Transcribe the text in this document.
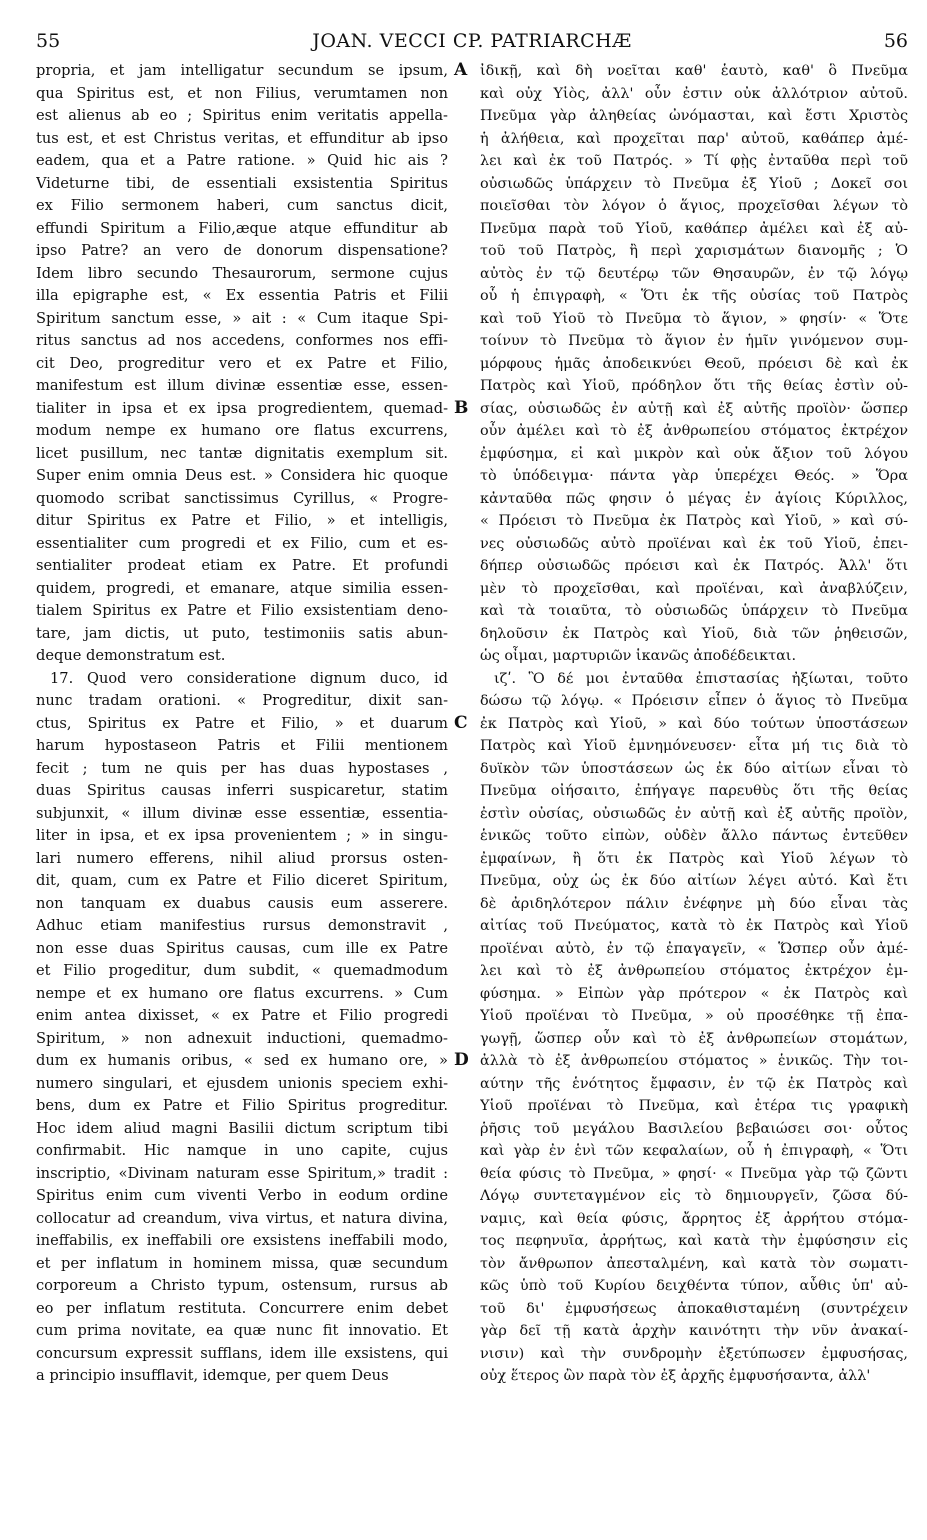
55	JOAN. VECCI CP. PATRIARCHÆ	56

propria, et jam intelligatur secundum se ipsum,

qua Spiritus est, et non Filius, verumtamen non

est alienus ab eo ; Spiritus enim veritatis appella-

tus est, et est Christus veritas, et effunditur ab ipso

eadem, qua et a Patre ratione. » Quid hic ais ?

Videturne tibi, de essentiali exsistentia Spiritus

ex Filio sermonem haberi, cum sanctus dicit,

effundi Spiritum a Filio,æque atque effunditur ab

ipso Patre? an vero de donorum dispensatione?

Idem libro secundo Thesaurorum, sermone cujus

illa epigraphe est, « Ex essentia Patris et Filii

Spiritum sanctum esse, » ait : « Cum itaque Spi-

ritus sanctus ad nos accedens, conformes nos effi-

cit Deo, progreditur vero et ex Patre et Filio,

manifestum est illum divinæ essentiæ esse, essen-

tialiter in ipsa et ex ipsa progredientem, quemad-

modum nempe ex humano ore flatus excurrens,

licet pusillum, nec tantæ dignitatis exemplum sit.

Super enim omnia Deus est. » Considera hic quoque

quomodo scribat sanctissimus Cyrillus, « Progre-

ditur Spiritus ex Patre et Filio, » et intelligis,

essentialiter cum progredi et ex Filio, cum et es-

sentialiter prodeat etiam ex Patre. Et profundi

quidem, progredi, et emanare, atque similia essen-

tialem Spiritus ex Patre et Filio exsistentiam deno-

tare, jam dictis, ut puto, testimoniis satis abun-

deque demonstratum est.

17. Quod vero consideratione dignum duco, id

nunc tradam orationi. « Progreditur, dixit san-

ctus, Spiritus ex Patre et Filio, » et duarum

harum hypostaseon Patris et Filii mentionem

fecit ; tum ne quis per has duas hypostases ,

duas Spiritus causas inferri suspicaretur, statim

subjunxit, « illum divinæ esse essentiæ, essentia-

liter in ipsa, et ex ipsa provenientem ; » in singu-

lari numero efferens, nihil aliud prorsus osten-

dit, quam, cum ex Patre et Filio diceret Spiritum,

non tanquam ex duabus causis eum asserere.

Adhuc etiam manifestius rursus demonstravit ,

non esse duas Spiritus causas, cum ille ex Patre

et Filio progeditur, dum subdit, « quemadmodum

nempe et ex humano ore flatus excurrens. » Cum

enim antea dixisset, « ex Patre et Filio progredi

Spiritum, » non adnexuit inductioni, quemadmo-

dum ex humanis oribus, « sed ex humano ore, »

numero singulari, et ejusdem unionis speciem exhi-

bens, dum ex Patre et Filio Spiritus progreditur.

Hoc idem aliud magni Basilii dictum scriptum tibi

confirmabit. Hic namque in uno capite, cujus

inscriptio, «Divinam naturam esse Spiritum,» tradit :

Spiritus enim cum viventi Verbo in eodum ordine

collocatur ad creandum, viva virtus, et natura divina,

ineffabilis, ex ineffabili ore exsistens ineffabili modo,

et per inflatum in hominem missa, quæ secundum

corporeum a Christo typum, ostensum, rursus ab

eo per inflatum restituta. Concurrere enim debet

cum prima novitate, ea quæ nunc fit innovatio. Et

concursum expressit sufflans, idem ille exsistens, qui

a principio insufflavit, idemque, per quem Deus

A
B
C
D

ἰδικῇ, καὶ δὴ νοεῖται καθ' ἑαυτὸ, καθ' ὃ Πνεῦμα

καὶ οὐχ Υἱὸς, ἀλλ' οὖν ἐστιν οὐκ ἀλλότριον αὐτοῦ.

Πνεῦμα γὰρ ἀληθείας ὠνόμασται, καὶ ἔστι Χριστὸς

ἡ ἀλήθεια, καὶ προχεῖται παρ' αὐτοῦ, καθάπερ ἀμέ-

λει καὶ ἐκ τοῦ Πατρός. » Τί φῂς ἐνταῦθα περὶ τοῦ

οὐσιωδῶς ὑπάρχειν τὸ Πνεῦμα ἐξ Υἱοῦ ; Δοκεῖ σοι

ποιεῖσθαι τὸν λόγον ὁ ἅγιος, προχεῖσθαι λέγων τὸ

Πνεῦμα παρὰ τοῦ Υἱοῦ, καθάπερ ἀμέλει καὶ ἐξ αὐ-

τοῦ τοῦ Πατρὸς, ἢ περὶ χαρισμάτων διανομῆς ; Ὁ

αὐτὸς ἐν τῷ δευτέρῳ τῶν Θησαυρῶν, ἐν τῷ λόγῳ

οὗ ἡ ἐπιγραφὴ, « Ὅτι ἐκ τῆς οὐσίας τοῦ Πατρὸς

καὶ τοῦ Υἱοῦ τὸ Πνεῦμα τὸ ἅγιον, » φησίν· « Ὅτε

τοίνυν τὸ Πνεῦμα τὸ ἅγιον ἐν ἡμῖν γινόμενον συμ-

μόρφους ἡμᾶς ἀποδεικνύει Θεοῦ, πρόεισι δὲ καὶ ἐκ

Πατρὸς καὶ Υἱοῦ, πρόδηλον ὅτι τῆς θείας ἐστὶν οὐ-

σίας, οὐσιωδῶς ἐν αὐτῇ καὶ ἐξ αὐτῆς προϊὸν· ὥσπερ

οὖν ἀμέλει καὶ τὸ ἐξ ἀνθρωπείου στόματος ἐκτρέχον

ἐμφύσημα, εἰ καὶ μικρὸν καὶ οὐκ ἄξιον τοῦ λόγου

τὸ ὑπόδειγμα· πάντα γὰρ ὑπερέχει Θεός. » Ὅρα

κἀνταῦθα πῶς φησιν ὁ μέγας ἐν ἁγίοις Κύριλλος,

« Πρόεισι τὸ Πνεῦμα ἐκ Πατρὸς καὶ Υἱοῦ, » καὶ σύ-

νες οὐσιωδῶς αὐτὸ προϊέναι καὶ ἐκ τοῦ Υἱοῦ, ἐπει-

δήπερ οὐσιωδῶς πρόεισι καὶ ἐκ Πατρός. Ἀλλ' ὅτι

μὲν τὸ προχεῖσθαι, καὶ προϊέναι, καὶ ἀναβλύζειν,

καὶ τὰ τοιαῦτα, τὸ οὐσιωδῶς ὑπάρχειν τὸ Πνεῦμα

δηλοῦσιν ἐκ Πατρὸς καὶ Υἱοῦ, διὰ τῶν ῥηθεισῶν,

ὡς οἶμαι, μαρτυριῶν ἱκανῶς ἀποδέδεικται.

ιζʹ. Ὃ δέ μοι ἐνταῦθα ἐπιστασίας ἠξίωται, τοῦτο

δώσω τῷ λόγῳ. « Πρόεισιν εἶπεν ὁ ἅγιος τὸ Πνεῦμα

ἐκ Πατρὸς καὶ Υἱοῦ, » καὶ δύο τούτων ὑποστάσεων

Πατρὸς καὶ Υἱοῦ ἐμνημόνευσεν· εἶτα μή τις διὰ τὸ

δυϊκὸν τῶν ὑποστάσεων ὡς ἐκ δύο αἰτίων εἶναι τὸ

Πνεῦμα οἰήσαιτο, ἐπήγαγε παρευθὺς ὅτι τῆς θείας

ἐστὶν οὐσίας, οὐσιωδῶς ἐν αὐτῇ καὶ ἐξ αὐτῆς προϊὸν,

ἑνικῶς τοῦτο εἰπὼν, οὐδὲν ἄλλο πάντως ἐντεῦθεν

ἐμφαίνων, ἢ ὅτι ἐκ Πατρὸς καὶ Υἱοῦ λέγων τὸ

Πνεῦμα, οὐχ ὡς ἐκ δύο αἰτίων λέγει αὐτό. Καὶ ἔτι

δὲ ἀριδηλότερον πάλιν ἐνέφηνε μὴ δύο εἶναι τὰς

αἰτίας τοῦ Πνεύματος, κατὰ τὸ ἐκ Πατρὸς καὶ Υἱοῦ

προϊέναι αὐτὸ, ἐν τῷ ἐπαγαγεῖν, « Ὥσπερ οὖν ἀμέ-

λει καὶ τὸ ἐξ ἀνθρωπείου στόματος ἐκτρέχον ἐμ-

φύσημα. » Εἰπὼν γὰρ πρότερον « ἐκ Πατρὸς καὶ

Υἱοῦ προϊέναι τὸ Πνεῦμα, » οὐ προσέθηκε τῇ ἐπα-

γωγῇ, ὥσπερ οὖν καὶ τὸ ἐξ ἀνθρωπείων στομάτων,

ἀλλὰ τὸ ἐξ ἀνθρωπείου στόματος » ἑνικῶς. Τὴν τοι-

αύτην τῆς ἑνότητος ἔμφασιν, ἐν τῷ ἐκ Πατρὸς καὶ

Υἱοῦ προϊέναι τὸ Πνεῦμα, καὶ ἑτέρα τις γραφικὴ

ῥῆσις τοῦ μεγάλου Βασιλείου βεβαιώσει σοι· οὗτος

καὶ γὰρ ἐν ἑνὶ τῶν κεφαλαίων, οὗ ἡ ἐπιγραφὴ, « Ὅτι

θεία φύσις τὸ Πνεῦμα, » φησί· « Πνεῦμα γὰρ τῷ ζῶντι

Λόγῳ συντεταγμένον εἰς τὸ δημιουργεῖν, ζῶσα δύ-

ναμις, καὶ θεία φύσις, ἄρρητος ἐξ ἀρρήτου στόμα-

τος πεφηνυῖα, ἀρρήτως, καὶ κατὰ τὴν ἐμφύσησιν εἰς

τὸν ἄνθρωπον ἀπεσταλμένη, καὶ κατὰ τὸν σωματι-

κῶς ὑπὸ τοῦ Κυρίου δειχθέντα τύπον, αὖθις ὑπ' αὐ-

τοῦ δι' ἐμφυσήσεως ἀποκαθισταμένη (συντρέχειν

γὰρ δεῖ τῇ κατὰ ἀρχὴν καινότητι τὴν νῦν ἀνακαί-

νισιν) καὶ τὴν συνδρομὴν ἐξετύπωσεν ἐμφυσήσας,

οὐχ ἕτερος ὢν παρὰ τὸν ἐξ ἀρχῆς ἐμφυσήσαντα, ἀλλ'
